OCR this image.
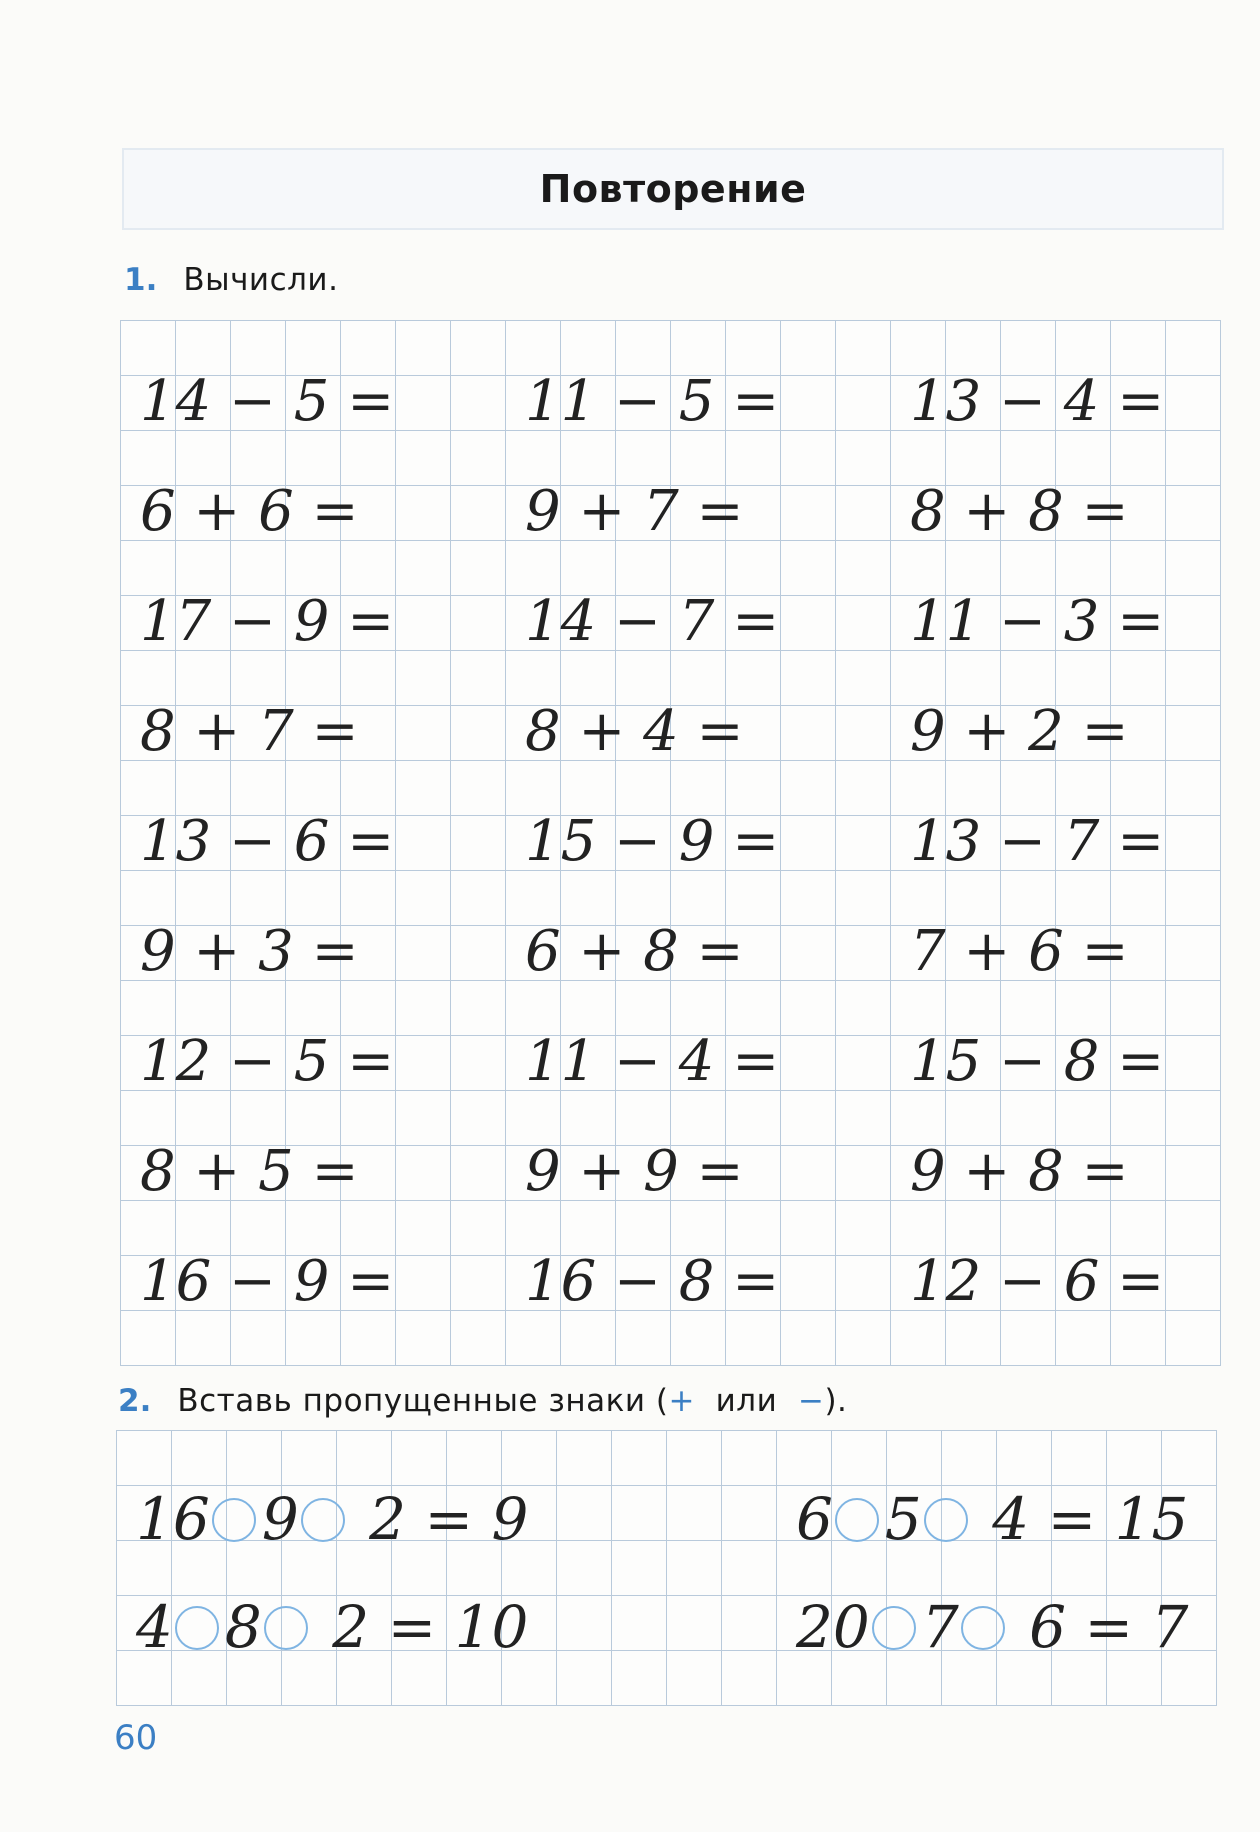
Повторение
1. Вычисли.
14 − 5 = 11 − 5 = 13 − 4 =
6 + 6 =	9 + 7 =	8 + 8 =
17 − 9 = 14 − 7 = 11 − 3 =
8 + 7 =	8 + 4 =	9 + 2 =
13 − 6 = 15 − 9 = 13 − 7 =
9 + 3 =	6 + 8 =	7 + 6 =
12 − 5 = 11 − 4 = 15 − 8 =
8 + 5 =	9 + 9 =	9 + 8 =
16 − 9 = 16 − 8 = 12 − 6 =
2. Вставь пропущенные знаки (+ или −).
16 9 2 = 9	6 5 4 = 15
4 8 2 = 10	20 7 6 = 7
60
